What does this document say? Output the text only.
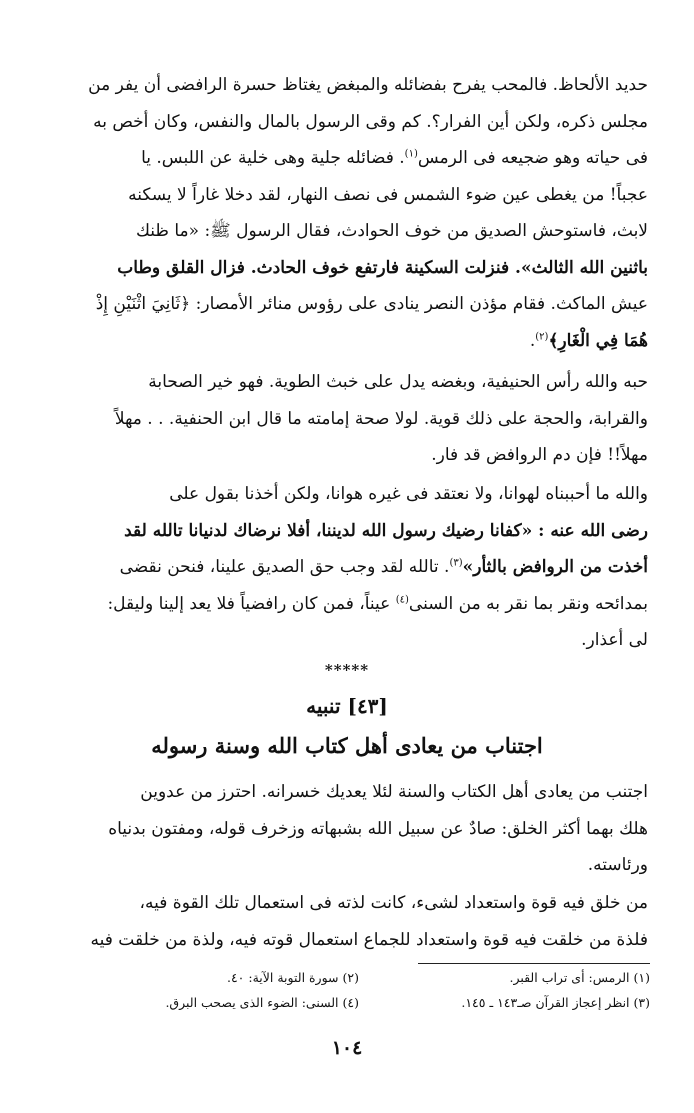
حديد الألحاظ. فالمحب يفرح بفضائله والمبغض يغتاظ حسرة الرافضى أن يفر من
مجلس ذكره، ولكن أين الفرار؟. كم وقى الرسول بالمال والنفس، وكان أخص به
فى حياته وهو ضجيعه فى الرمس$^{(١)}$. فضائله جلية وهى خلية عن اللبس. يا
عجباً! من يغطى عين ضوء الشمس فى نصف النهار، لقد دخلا غاراً لا يسكنه
لابث، فاستوحش الصديق من خوف الحوادث، فقال الرسول ﷺ: «ما ظنك
باثنين الله الثالث». فنزلت السكينة فارتفع خوف الحادث. فزال القلق وطاب
عيش الماكث. فقام مؤذن النصر ينادى على رؤوس منائر الأمصار: ﴿ثَانِيَ اثْنَيْنِ إِذْ
هُمَا فِي الْغَارِ﴾$^{(٢)}$.
حبه والله رأس الحنيفية، وبغضه يدل على خبث الطوية. فهو خير الصحابة
والقرابة، والحجة على ذلك قوية. لولا صحة إمامته ما قال ابن الحنفية. . . مهلاً
مهلاً!! فإن دم الروافض قد فار.
والله ما أحببناه لهوانا، ولا نعتقد فى غيره هوانا، ولكن أخذنا بقول على
رضى الله عنه : «كفانا رضيك رسول الله لديننا، أفلا نرضاك لدنيانا تالله لقد
أخذت من الروافض بالثأر»$^{(٣)}$. تالله لقد وجب حق الصديق علينا، فنحن نقضى
بمدائحه ونقر بما نقر به من السنى$^{(٤)}$ عيناً، فمن كان رافضياً فلا يعد إلينا وليقل:
لى أعذار.
*****
[٤٣] تنبيه
اجتناب من يعادى أهل كتاب الله وسنة رسوله
اجتنب من يعادى أهل الكتاب والسنة لئلا يعديك خسرانه. احترز من عدوين
هلك بهما أكثر الخلق: صادٌ عن سبيل الله بشبهاته وزخرف قوله، ومفتون بدنياه
ورئاسته.
من خلق فيه قوة واستعداد لشىء، كانت لذته فى استعمال تلك القوة فيه،
فلذة من خلقت فيه قوة واستعداد للجماع استعمال قوته فيه، ولذة من خلقت فيه
(١) الرمس: أى تراب القبر.
(٢) سورة التوبة الآية: ٤٠.
(٣) انظر إعجاز القرآن صـ١٤٣ ـ ١٤٥.
(٤) السنى: الضوء الذى يصحب البرق.
١٠٤
